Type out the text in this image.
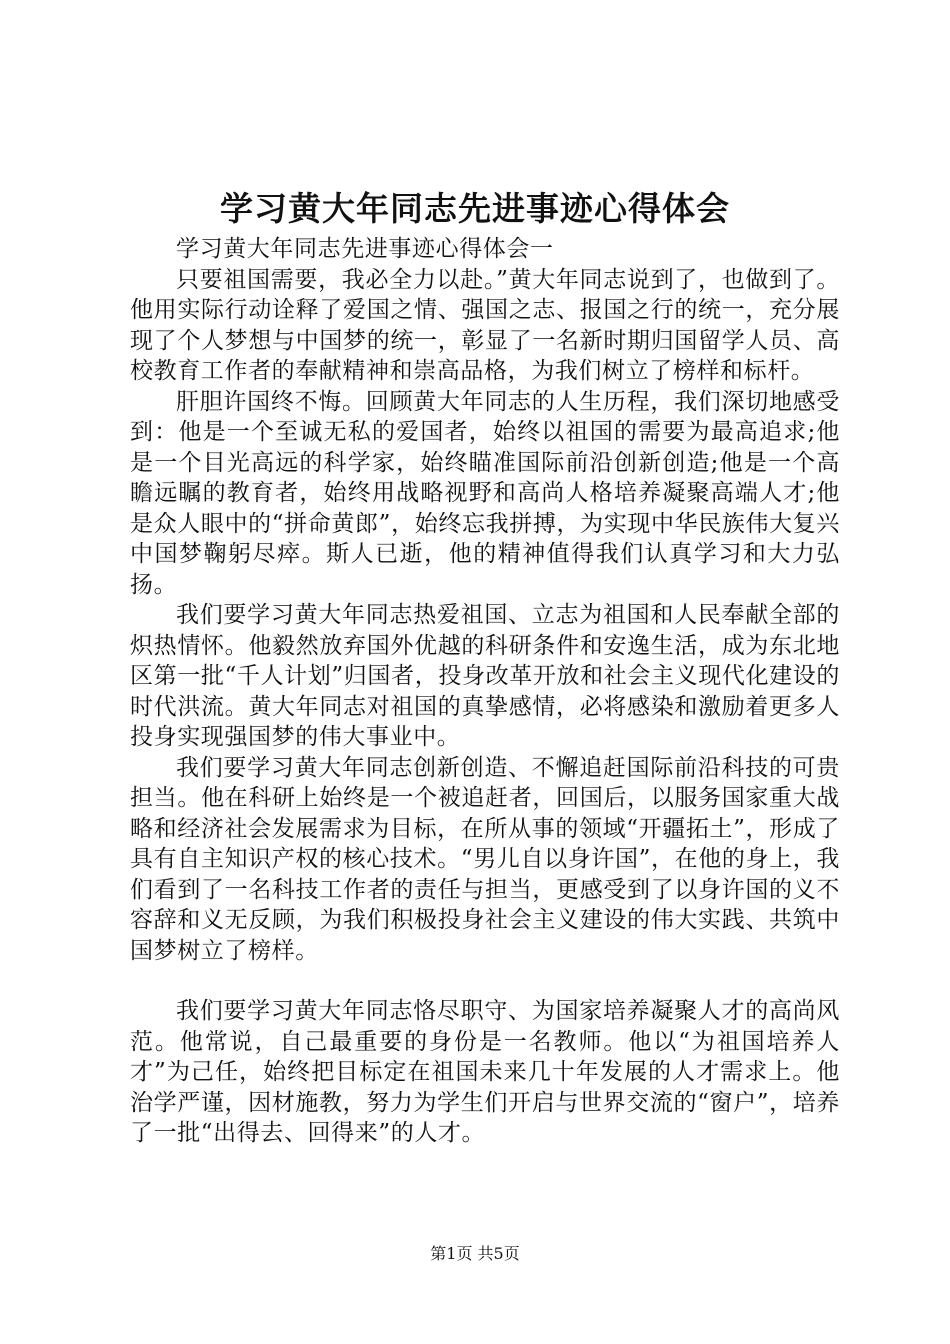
学习黄大年同志先进事迹心得体会

学习黄大年同志先进事迹心得体会一

只要祖国需要，我必全力以赴。”黄大年同志说到了，也做到了。他用实际行动诠释了爱国之情、强国之志、报国之行的统一，充分展现了个人梦想与中国梦的统一，彰显了一名新时期归国留学人员、高校教育工作者的奉献精神和崇高品格，为我们树立了榜样和标杆。

肝胆许国终不悔。回顾黄大年同志的人生历程，我们深切地感受到：他是一个至诚无私的爱国者，始终以祖国的需要为最高追求;他是一个目光高远的科学家，始终瞄准国际前沿创新创造;他是一个高瞻远瞩的教育者，始终用战略视野和高尚人格培养凝聚高端人才;他是众人眼中的“拼命黄郎”，始终忘我拼搏，为实现中华民族伟大复兴中国梦鞠躬尽瘁。斯人已逝，他的精神值得我们认真学习和大力弘扬。

我们要学习黄大年同志热爱祖国、立志为祖国和人民奉献全部的炽热情怀。他毅然放弃国外优越的科研条件和安逸生活，成为东北地区第一批“千人计划”归国者，投身改革开放和社会主义现代化建设的时代洪流。黄大年同志对祖国的真挚感情，必将感染和激励着更多人投身实现强国梦的伟大事业中。

我们要学习黄大年同志创新创造、不懈追赶国际前沿科技的可贵担当。他在科研上始终是一个被追赶者，回国后，以服务国家重大战略和经济社会发展需求为目标，在所从事的领域“开疆拓土”，形成了具有自主知识产权的核心技术。“男儿自以身许国”，在他的身上，我们看到了一名科技工作者的责任与担当，更感受到了以身许国的义不容辞和义无反顾，为我们积极投身社会主义建设的伟大实践、共筑中国梦树立了榜样。

我们要学习黄大年同志恪尽职守、为国家培养凝聚人才的高尚风范。他常说，自己最重要的身份是一名教师。他以“为祖国培养人才”为己任，始终把目标定在祖国未来几十年发展的人才需求上。他治学严谨，因材施教，努力为学生们开启与世界交流的“窗户”，培养了一批“出得去、回得来”的人才。

第1页 共5页
